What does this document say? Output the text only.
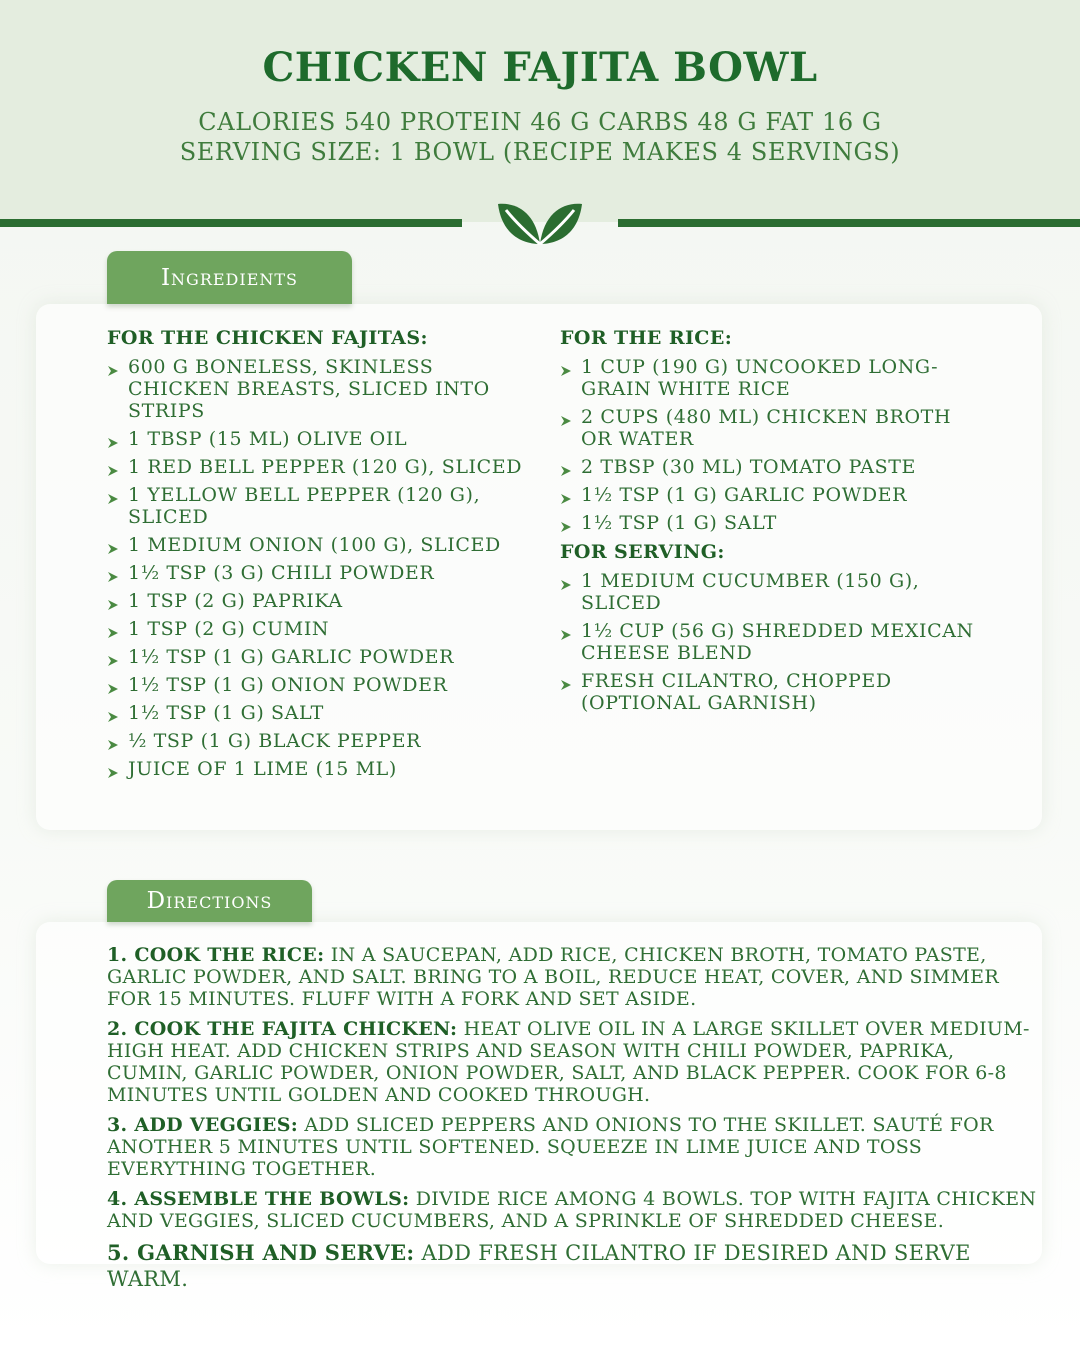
CHICKEN FAJITA BOWL
CALORIES 540 PROTEIN 46 G CARBS 48 G FAT 16 G
SERVING SIZE: 1 BOWL (RECIPE MAKES 4 SERVINGS)
Ingredients
FOR THE CHICKEN FAJITAS:
600 G BONELESS, SKINLESS CHICKEN BREASTS, SLICED INTO STRIPS
1 TBSP (15 ML) OLIVE OIL
1 RED BELL PEPPER (120 G), SLICED
1 YELLOW BELL PEPPER (120 G), SLICED
1 MEDIUM ONION (100 G), SLICED
1½ TSP (3 G) CHILI POWDER
1 TSP (2 G) PAPRIKA
1 TSP (2 G) CUMIN
1½ TSP (1 G) GARLIC POWDER
1½ TSP (1 G) ONION POWDER
1½ TSP (1 G) SALT
½ TSP (1 G) BLACK PEPPER
JUICE OF 1 LIME (15 ML)
FOR THE RICE:
1 CUP (190 G) UNCOOKED LONG-GRAIN WHITE RICE
2 CUPS (480 ML) CHICKEN BROTH OR WATER
2 TBSP (30 ML) TOMATO PASTE
1½ TSP (1 G) GARLIC POWDER
1½ TSP (1 G) SALT
FOR SERVING:
1 MEDIUM CUCUMBER (150 G), SLICED
1½ CUP (56 G) SHREDDED MEXICAN CHEESE BLEND
FRESH CILANTRO, CHOPPED (OPTIONAL GARNISH)
Directions
1. COOK THE RICE: IN A SAUCEPAN, ADD RICE, CHICKEN BROTH, TOMATO PASTE, GARLIC POWDER, AND SALT. BRING TO A BOIL, REDUCE HEAT, COVER, AND SIMMER FOR 15 MINUTES. FLUFF WITH A FORK AND SET ASIDE.
2. COOK THE FAJITA CHICKEN: HEAT OLIVE OIL IN A LARGE SKILLET OVER MEDIUM-HIGH HEAT. ADD CHICKEN STRIPS AND SEASON WITH CHILI POWDER, PAPRIKA, CUMIN, GARLIC POWDER, ONION POWDER, SALT, AND BLACK PEPPER. COOK FOR 6-8 MINUTES UNTIL GOLDEN AND COOKED THROUGH.
3. ADD VEGGIES: ADD SLICED PEPPERS AND ONIONS TO THE SKILLET. SAUTÉ FOR ANOTHER 5 MINUTES UNTIL SOFTENED. SQUEEZE IN LIME JUICE AND TOSS EVERYTHING TOGETHER.
4. ASSEMBLE THE BOWLS: DIVIDE RICE AMONG 4 BOWLS. TOP WITH FAJITA CHICKEN AND VEGGIES, SLICED CUCUMBERS, AND A SPRINKLE OF SHREDDED CHEESE.
5. GARNISH AND SERVE: ADD FRESH CILANTRO IF DESIRED AND SERVE WARM.
